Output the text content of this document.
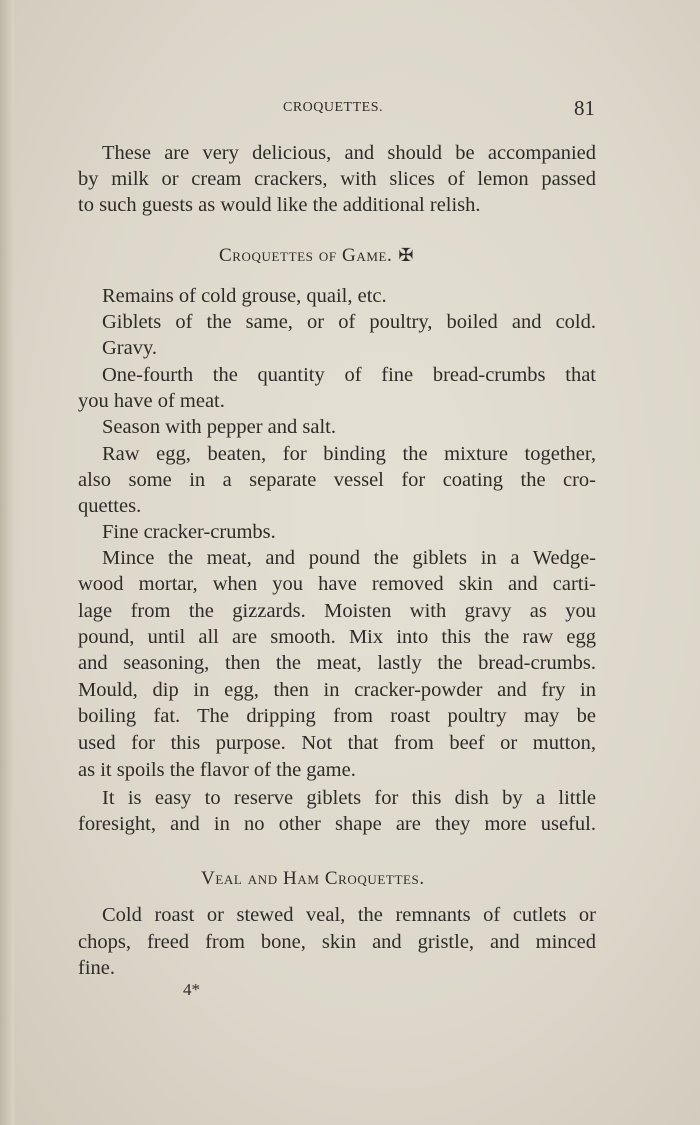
CROQUETTES.	81
These are very delicious, and should be accompanied
by milk or cream crackers, with slices of lemon passed
to such guests as would like the additional relish.
Remains of cold grouse, quail, etc.
Giblets of the same, or of poultry, boiled and cold.
Gravy.
One-fourth the quantity of fine bread-crumbs that
you have of meat.
Season with pepper and salt.
Raw egg, beaten, for binding the mixture together,
also some in a separate vessel for coating the cro-
quettes.
Fine cracker-crumbs.
Mince the meat, and pound the giblets in a Wedge-
wood mortar, when you have removed skin and carti-
lage from the gizzards. Moisten with gravy as you
pound, until all are smooth. Mix into this the raw egg
and seasoning, then the meat, lastly the bread-crumbs.
Mould, dip in egg, then in cracker-powder and fry in
boiling fat. The dripping from roast poultry may be
used for this purpose. Not that from beef or mutton,
as it spoils the flavor of the game.
It is easy to reserve giblets for this dish by a little
foresight, and in no other shape are they more useful.
Cold roast or stewed veal, the remnants of cutlets or
chops, freed from bone, skin and gristle, and minced
fine.
Croquettes of Game. ✠
Veal and Ham Croquettes.
4*
